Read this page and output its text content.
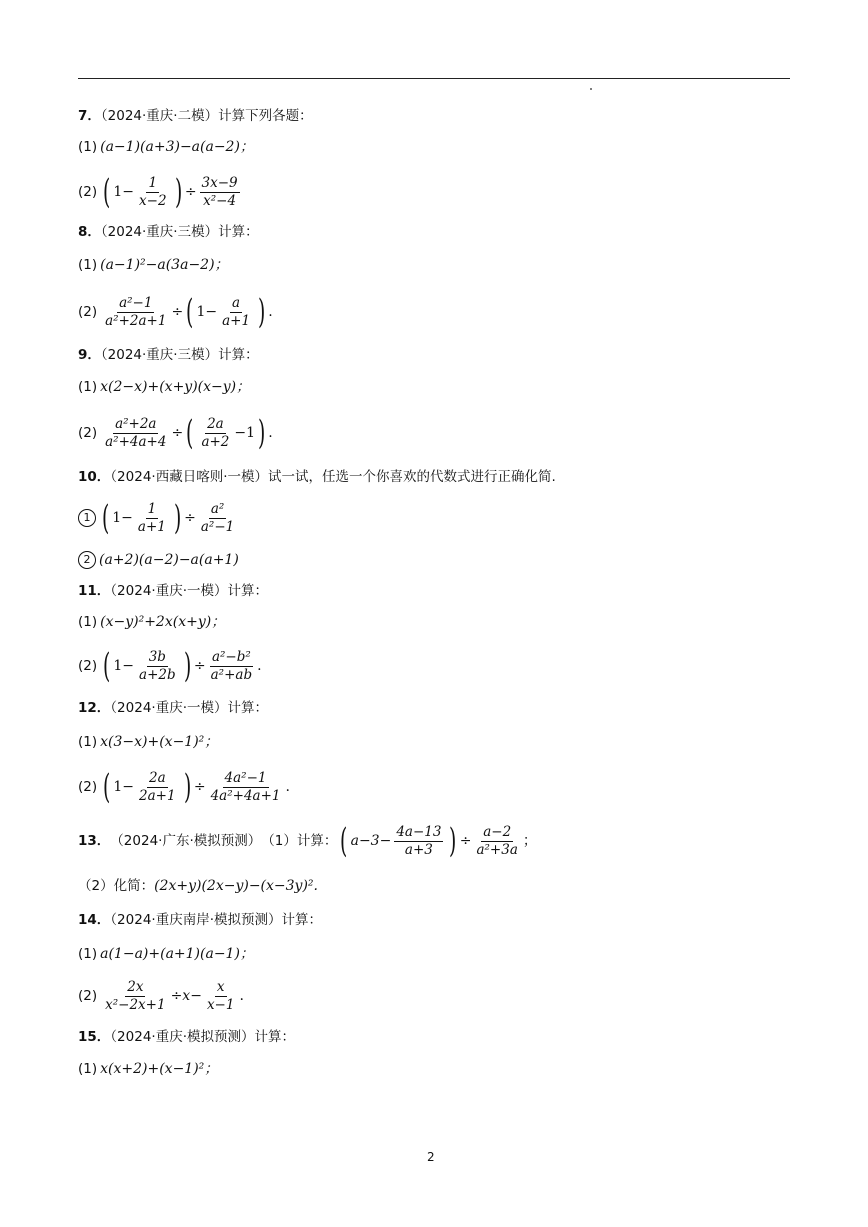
7．（2024·重庆·二模）计算下列各题：
(1) (a−1)(a+3)−a(a−2)；
(2) ( $1- \frac{1}{x-2}$ ) ÷ $\frac{3x-9}{\text{x²−4}}$
8．（2024·重庆·三模）计算：
(1) (a−1)²−a(3a−2)；
$(2) \frac{\text{a²−1}}{\text{a²+2a+1}}$ ÷ ( $1- \frac{a}{a+1}$ ) .
9．（2024·重庆·三模）计算：
(1) x(2−x)+(x+y)(x−y)；
$(2) \frac{\text{a²+2a}}{\text{a²+4a+4}}$ ÷ ( $\frac{2a}{a+2} -1$ ) .
10．（2024·西藏日喀则·一模）试一试，任选一个你喜欢的代数式进行正确化简.
1 ( $1- \frac{1}{a+1}$ ) ÷ $\frac{\text{a²}}{\text{a²−1}}$
2 (a+2)(a−2)−a(a+1)
11．（2024·重庆·一模）计算：
(1) (x−y)²+2x(x+y)；
(2) ( $1- \frac{3b}{a+2b}$ ) ÷ $\frac{\text{a²−b²}}{\text{a²+ab}}$ .
12．（2024·重庆·一模）计算：
(1) x(3−x)+(x−1)²；
(2) ( $1- \frac{2a}{2a+1}$ ) ÷ $\frac{\text{4a²−1}}{\text{4a²+4a+1}}$ .
13． （2024·广东·模拟预测） （1）计算： ( $a-3- \frac{4a-13}{a+3}$ ) ÷ $\frac{a-2}{\text{a²+3a}}$ ；
（2）化简：(2x+y)(2x−y)−(x−3y)².
14．（2024·重庆南岸·模拟预测）计算：
(1) a(1−a)+(a+1)(a−1)；
$(2) \frac{2x}{\text{x²−2x+1}} \div x- \frac{x}{x-1}$ .
15．（2024·重庆·模拟预测）计算：
(1) x(x+2)+(x−1)²；
2
